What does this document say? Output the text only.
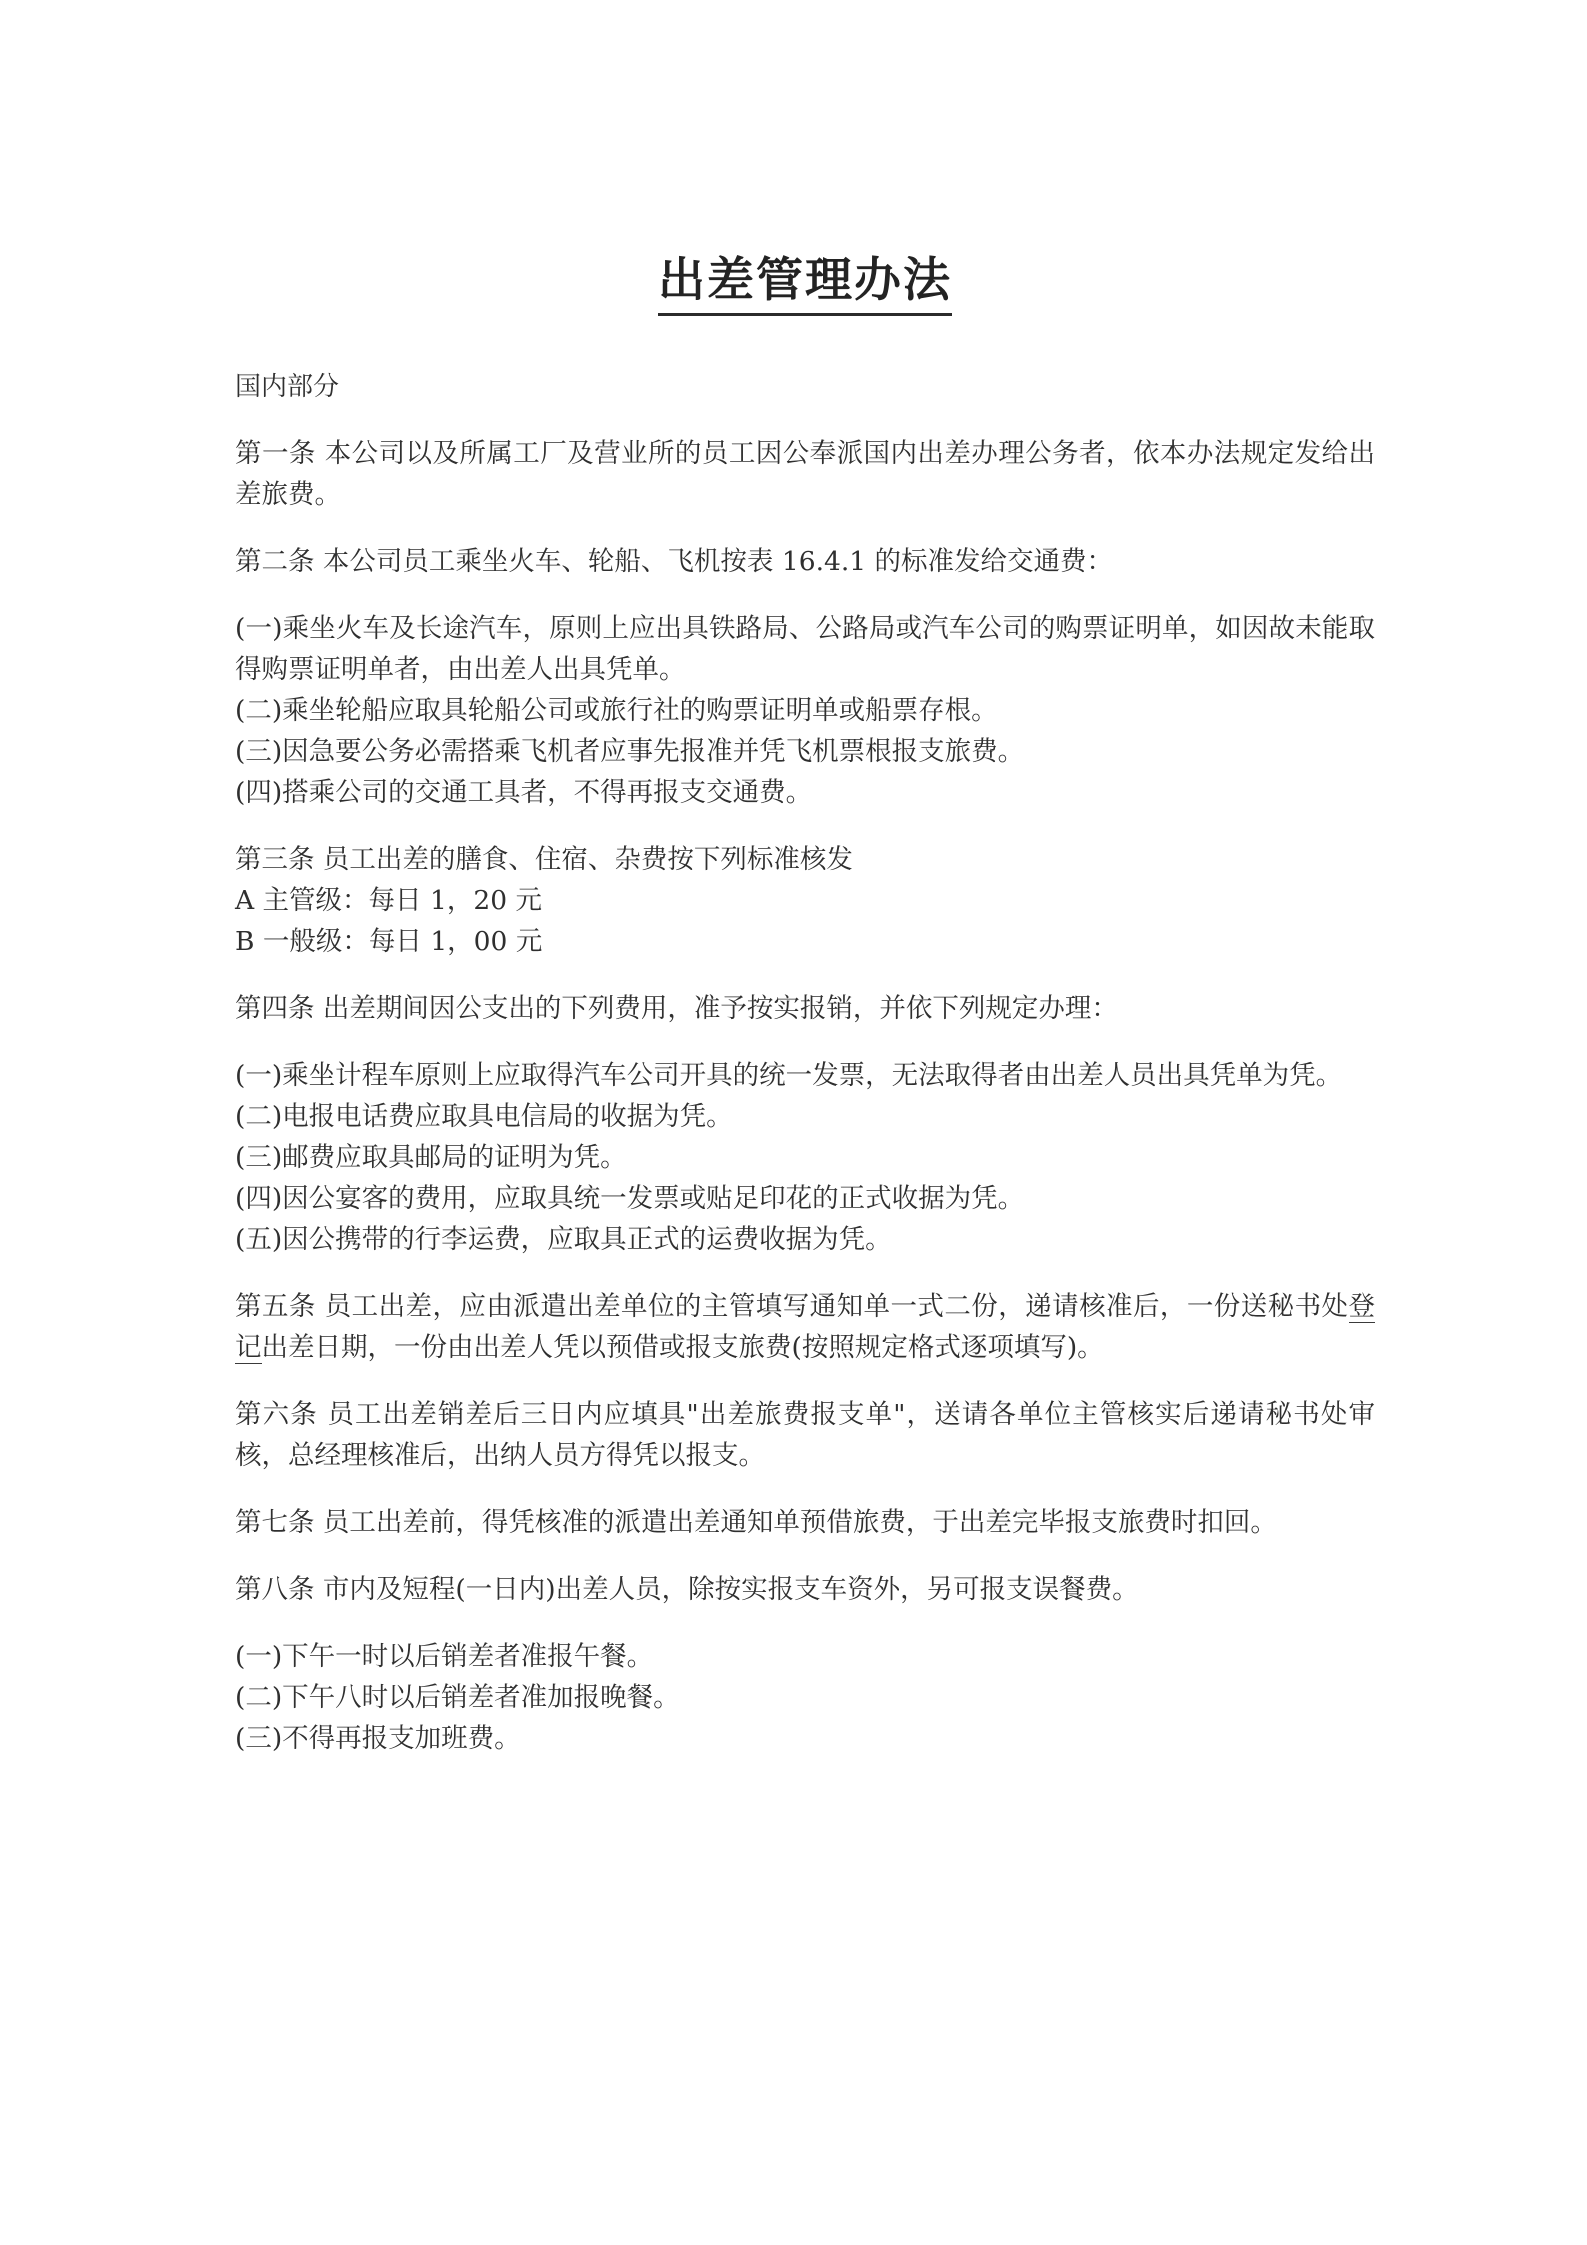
出差管理办法

国内部分

第一条 本公司以及所属工厂及营业所的员工因公奉派国内出差办理公务者，依本办法规定发给出差旅费。

第二条 本公司员工乘坐火车、轮船、飞机按表 16.4.1 的标准发给交通费：

(一)乘坐火车及长途汽车，原则上应出具铁路局、公路局或汽车公司的购票证明单，如因故未能取得购票证明单者，由出差人出具凭单。

(二)乘坐轮船应取具轮船公司或旅行社的购票证明单或船票存根。

(三)因急要公务必需搭乘飞机者应事先报准并凭飞机票根报支旅费。

(四)搭乘公司的交通工具者，不得再报支交通费。

第三条 员工出差的膳食、住宿、杂费按下列标准核发

A 主管级：每日 1，20 元

B 一般级：每日 1，00 元

第四条 出差期间因公支出的下列费用，准予按实报销，并依下列规定办理：

(一)乘坐计程车原则上应取得汽车公司开具的统一发票，无法取得者由出差人员出具凭单为凭。

(二)电报电话费应取具电信局的收据为凭。

(三)邮费应取具邮局的证明为凭。

(四)因公宴客的费用，应取具统一发票或贴足印花的正式收据为凭。

(五)因公携带的行李运费，应取具正式的运费收据为凭。

第五条 员工出差，应由派遣出差单位的主管填写通知单一式二份，递请核准后，一份送秘书处登记出差日期，一份由出差人凭以预借或报支旅费(按照规定格式逐项填写)。

第六条 员工出差销差后三日内应填具"出差旅费报支单"，送请各单位主管核实后递请秘书处审核，总经理核准后，出纳人员方得凭以报支。

第七条 员工出差前，得凭核准的派遣出差通知单预借旅费，于出差完毕报支旅费时扣回。

第八条 市内及短程(一日内)出差人员，除按实报支车资外，另可报支误餐费。

(一)下午一时以后销差者准报午餐。

(二)下午八时以后销差者准加报晚餐。

(三)不得再报支加班费。
